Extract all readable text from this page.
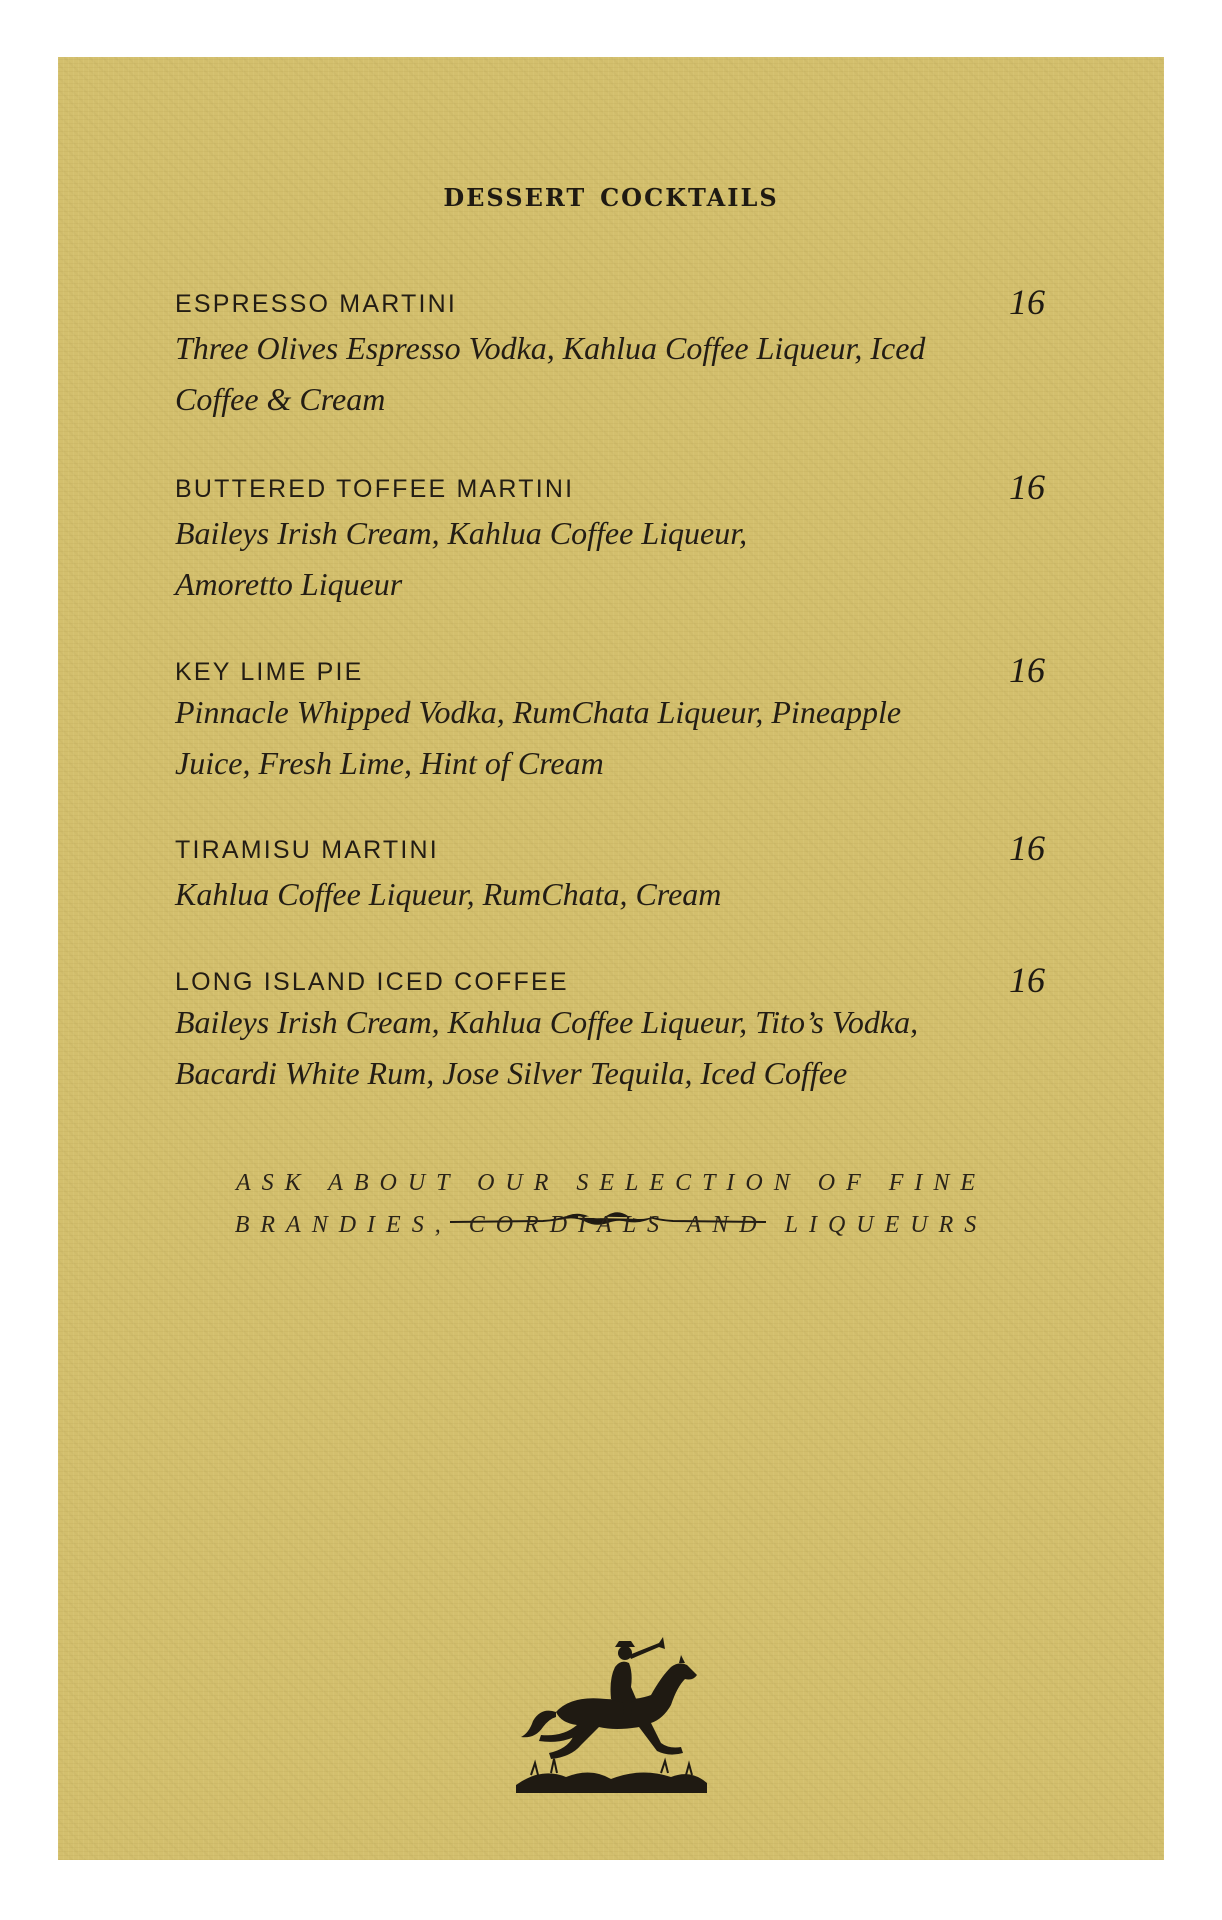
dessert cocktails
ESPRESSO MARTINI	16
Three Olives Espresso Vodka, Kahlua Coffee Liqueur, Iced
Coffee & Cream
BUTTERED TOFFEE MARTINI	16
Baileys Irish Cream, Kahlua Coffee Liqueur,
Amoretto Liqueur
KEY LIME PIE	16
Pinnacle Whipped Vodka, RumChata Liqueur, Pineapple
Juice, Fresh Lime, Hint of Cream
TIRAMISU MARTINI	16
Kahlua Coffee Liqueur, RumChata, Cream
LONG ISLAND ICED COFFEE	16
Baileys Irish Cream, Kahlua Coffee Liqueur, Tito’s Vodka,
Bacardi White Rum, Jose Silver Tequila, Iced Coffee
ASK ABOUT OUR SELECTION OF FINE
BRANDIES, CORDIALS AND LIQUEURS
